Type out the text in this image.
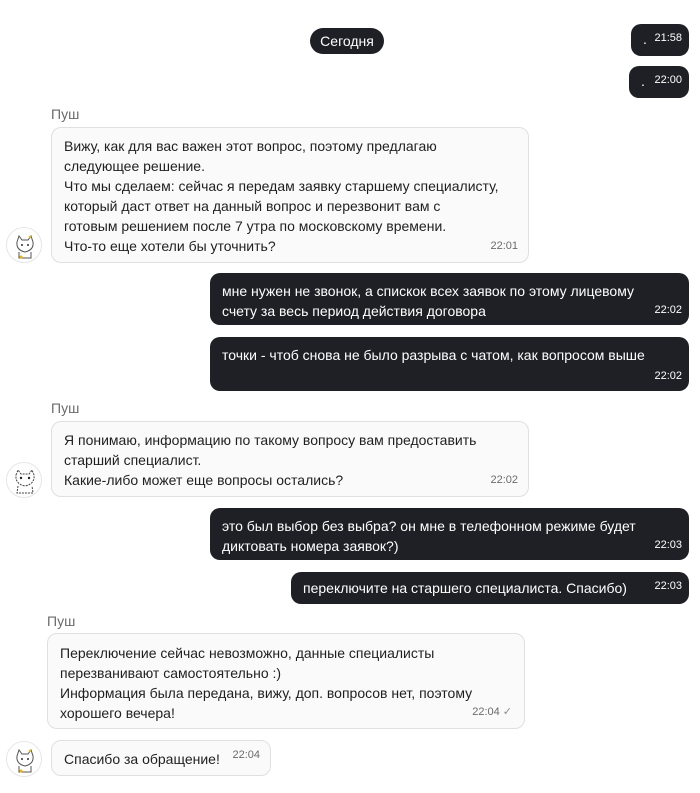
Сегодня	. 21:58
. 22:00
Пуш
Вижу, как для вас важен этот вопрос, поэтому предлагаю
следующее решение.
Что мы сделаем: сейчас я передам заявку старшему специалисту,
который даст ответ на данный вопрос и перезвонит вам с
готовым решением после 7 утра по московскому времени.
Что-то еще хотели бы уточнить?	22:01
мне нужен не звонок, а спискок всех заявок по этому лицевому
счету за весь период действия договора	22:02
точки - чтоб снова не было разрыва с чатом, как вопросом выше
22:02
Пуш
Я понимаю, информацию по такому вопросу вам предоставить
старший специалист.
Какие-либо может еще вопросы остались?	22:02
это был выбор без выбра? он мне в телефонном режиме будет
диктовать номера заявок?)	22:03
переключите на старшего специалиста. Спасибо)	22:03
Пуш
Переключение сейчас невозможно, данные специалисты
перезванивают самостоятельно :)
Информация была передана, вижу, доп. вопросов нет, поэтому
хорошего вечера!	22:04 ✓
Спасибо за обращение!	22:04
